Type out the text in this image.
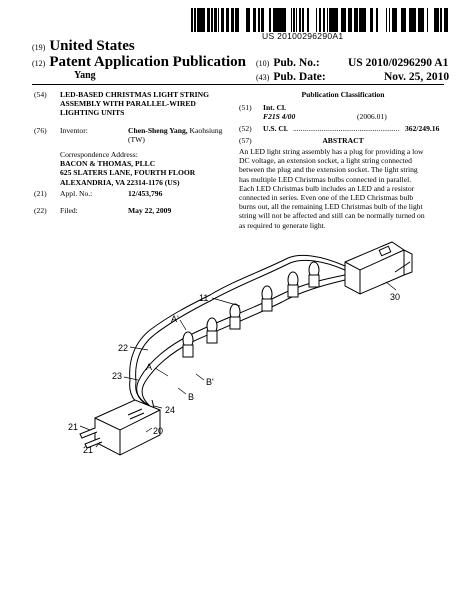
US 20100296290A1
(19) United States
(12) Patent Application Publication
Yang
(10) Pub. No.: US 2010/0296290 A1
(43) Pub. Date:	Nov. 25, 2010
(54) LED-BASED CHRISTMAS LIGHT STRING
ASSEMBLY WITH PARALLEL-WIRED
LIGHTING UNITS
(76) Inventor:	Chen-Sheng Yang, Kaohsiung
(TW)
Correspondence Address:
BACON & THOMAS, PLLC
625 SLATERS LANE, FOURTH FLOOR
ALEXANDRIA, VA 22314-1176 (US)
(21) Appl. No.:	12/453,796
(22) Filed:	May 22, 2009
Publication Classification
(51) Int. Cl.
F21S 4/00	(2006.01)
(52) U.S. Cl. ........................................................ 362/249.16
(57)	ABSTRACT
An LED light string assembly has a plug for providing a low
DC voltage, an extension socket, a light string connected
between the plug and the extension socket. The light string
has multiple LED Christmas bulbs connected in parallel.
Each LED Christmas bulb includes an LED and a resistor
connected in series. Even one of the LED Christmas bulb
burns out, all the remaining LED Christmas bulb of the light
string will not be affected and still can be normally turned on
as required to generate light.
11	30
A'
22
A
23
B'
B
24
21	20
21
